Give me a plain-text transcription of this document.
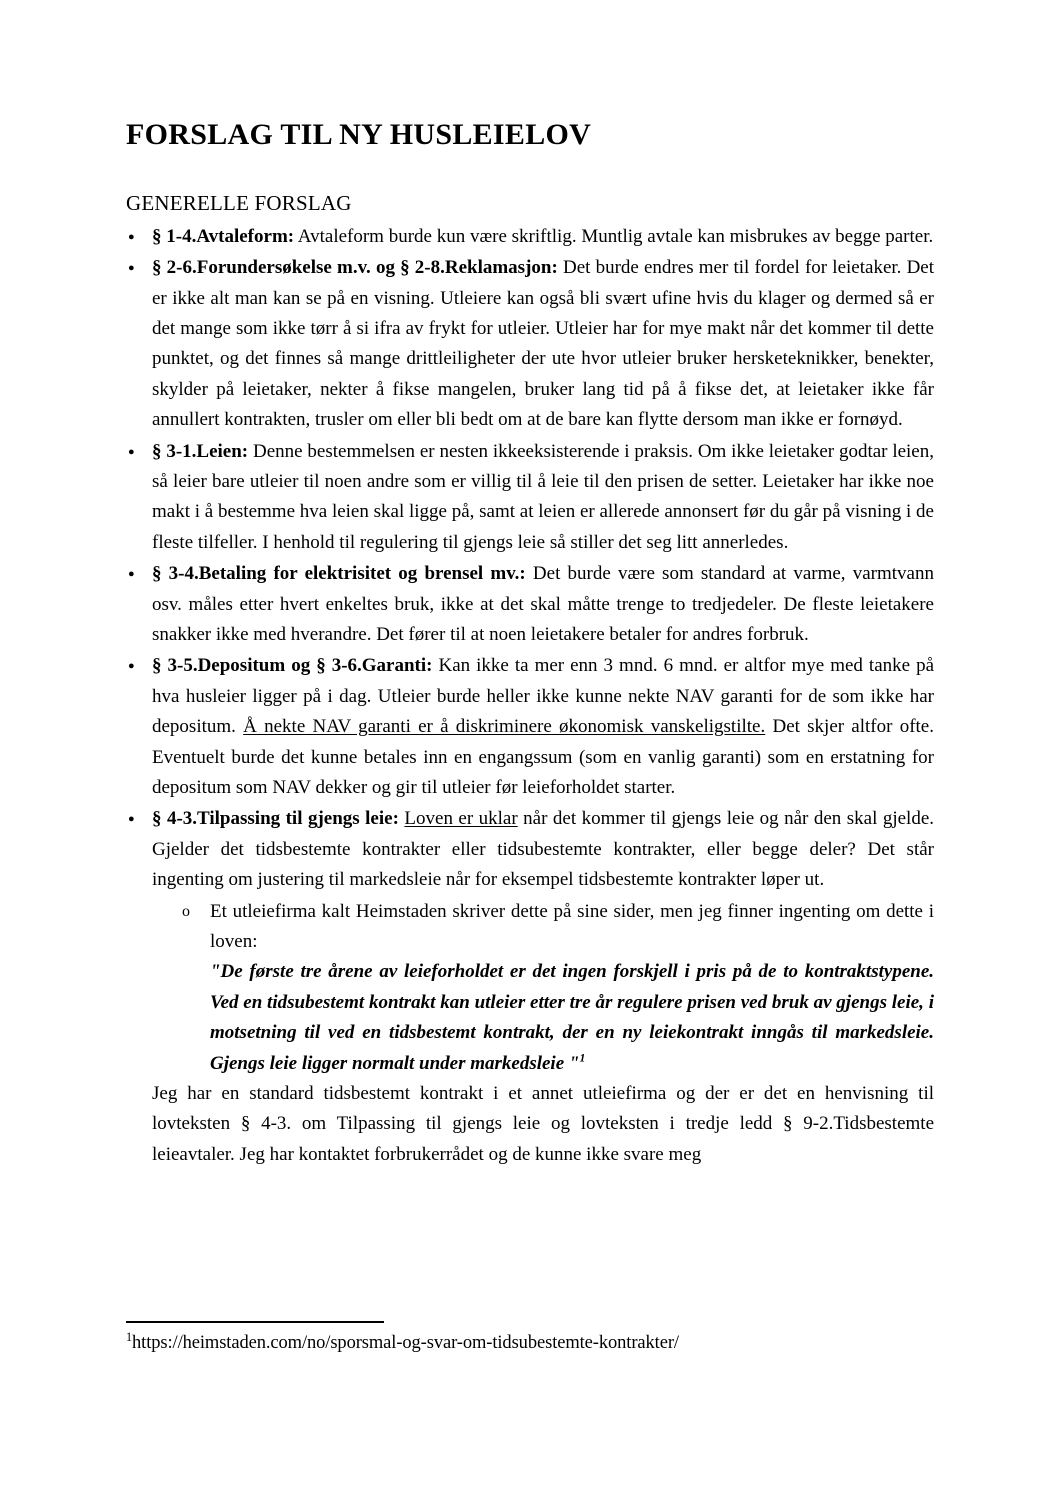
FORSLAG TIL NY HUSLEIELOV
GENERELLE FORSLAG
●
§ 1-4.Avtaleform: Avtaleform burde kun være skriftlig. Muntlig avtale kan misbrukes av begge parter.
●
§ 2-6.Forundersøkelse m.v. og § 2-8.Reklamasjon: Det burde endres mer til fordel for leietaker. Det er ikke alt man kan se på en visning. Utleiere kan også bli svært ufine hvis du klager og dermed så er det mange som ikke tørr å si ifra av frykt for utleier. Utleier har for mye makt når det kommer til dette punktet, og det finnes så mange drittleiligheter der ute hvor utleier bruker hersketeknikker, benekter, skylder på leietaker, nekter å fikse mangelen, bruker lang tid på å fikse det, at leietaker ikke får annullert kontrakten, trusler om eller bli bedt om at de bare kan flytte dersom man ikke er fornøyd.
●
§ 3-1.Leien: Denne bestemmelsen er nesten ikkeeksisterende i praksis. Om ikke leietaker godtar leien, så leier bare utleier til noen andre som er villig til å leie til den prisen de setter. Leietaker har ikke noe makt i å bestemme hva leien skal ligge på, samt at leien er allerede annonsert før du går på visning i de fleste tilfeller. I henhold til regulering til gjengs leie så stiller det seg litt annerledes.
●
§ 3-4.Betaling for elektrisitet og brensel mv.: Det burde være som standard at varme, varmtvann osv. måles etter hvert enkeltes bruk, ikke at det skal måtte trenge to tredjedeler. De fleste leietakere snakker ikke med hverandre. Det fører til at noen leietakere betaler for andres forbruk.
●
§ 3-5.Depositum og § 3-6.Garanti: Kan ikke ta mer enn 3 mnd. 6 mnd. er altfor mye med tanke på hva husleier ligger på i dag. Utleier burde heller ikke kunne nekte NAV garanti for de som ikke har depositum. Å nekte NAV garanti er å diskriminere økonomisk vanskeligstilte. Det skjer altfor ofte. Eventuelt burde det kunne betales inn en engangssum (som en vanlig garanti) som en erstatning for depositum som NAV dekker og gir til utleier før leieforholdet starter.
●
§ 4-3.Tilpassing til gjengs leie: Loven er uklar når det kommer til gjengs leie og når den skal gjelde. Gjelder det tidsbestemte kontrakter eller tidsubestemte kontrakter, eller begge deler? Det står ingenting om justering til markedsleie når for eksempel tidsbestemte kontrakter løper ut.
o Et utleiefirma kalt Heimstaden skriver dette på sine sider, men jeg finner ingenting om dette i loven:

"De første tre årene av leieforholdet er det ingen forskjell i pris på de to kontraktstypene. Ved en tidsubestemt kontrakt kan utleier etter tre år regulere prisen ved bruk av gjengs leie, i motsetning til ved en tidsbestemt kontrakt, der en ny leiekontrakt inngås til markedsleie. Gjengs leie ligger normalt under markedsleie "$^1$

Jeg har en standard tidsbestemt kontrakt i et annet utleiefirma og der er det en henvisning til lovteksten § 4-3. om Tilpassing til gjengs leie og lovteksten i tredje ledd § 9-2.Tidsbestemte leieavtaler. Jeg har kontaktet forbrukerrådet og de kunne ikke svare meg

$^1$https://heimstaden.com/no/sporsmal-og-svar-om-tidsubestemte-kontrakter/
